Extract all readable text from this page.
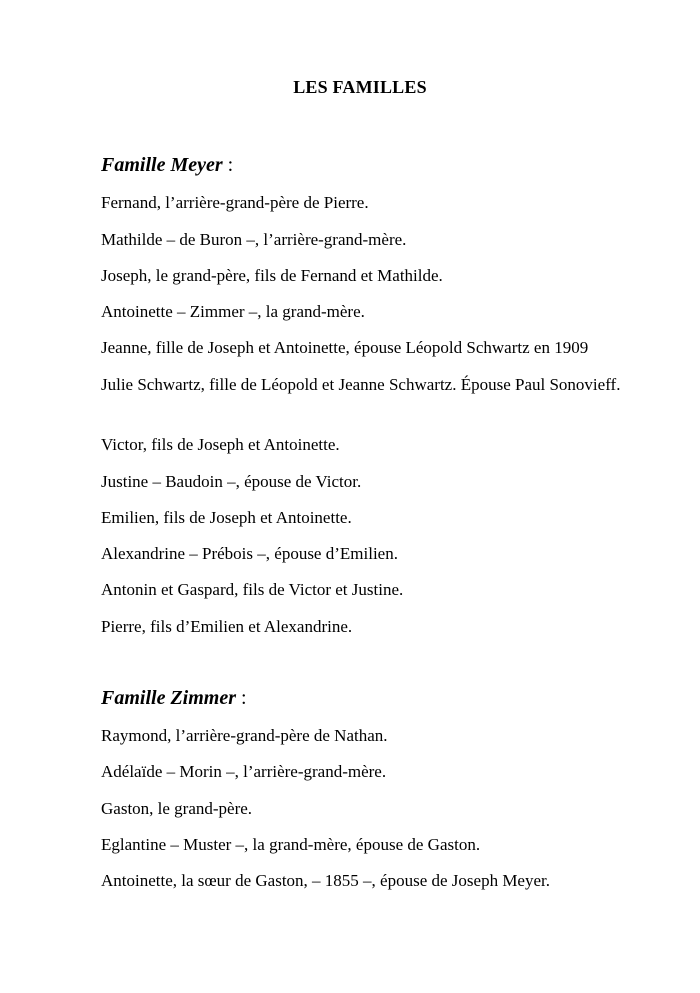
LES FAMILLES
Famille Meyer :
Fernand, l’arrière-grand-père de Pierre.
Mathilde – de Buron –, l’arrière-grand-mère.
Joseph, le grand-père, fils de Fernand et Mathilde.
Antoinette – Zimmer –, la grand-mère.
Jeanne, fille de Joseph et Antoinette, épouse Léopold Schwartz en 1909
Julie Schwartz, fille de Léopold et Jeanne Schwartz. Épouse Paul Sonovieff.
Victor, fils de Joseph et Antoinette.
Justine – Baudoin –, épouse de Victor.
Emilien, fils de Joseph et Antoinette.
Alexandrine – Prébois –, épouse d’Emilien.
Antonin et Gaspard, fils de Victor et Justine.
Pierre, fils d’Emilien et Alexandrine.
Famille Zimmer :
Raymond, l’arrière-grand-père de Nathan.
Adélaïde – Morin –, l’arrière-grand-mère.
Gaston, le grand-père.
Eglantine – Muster –, la grand-mère, épouse de Gaston.
Antoinette, la sœur de Gaston, – 1855 –, épouse de Joseph Meyer.
